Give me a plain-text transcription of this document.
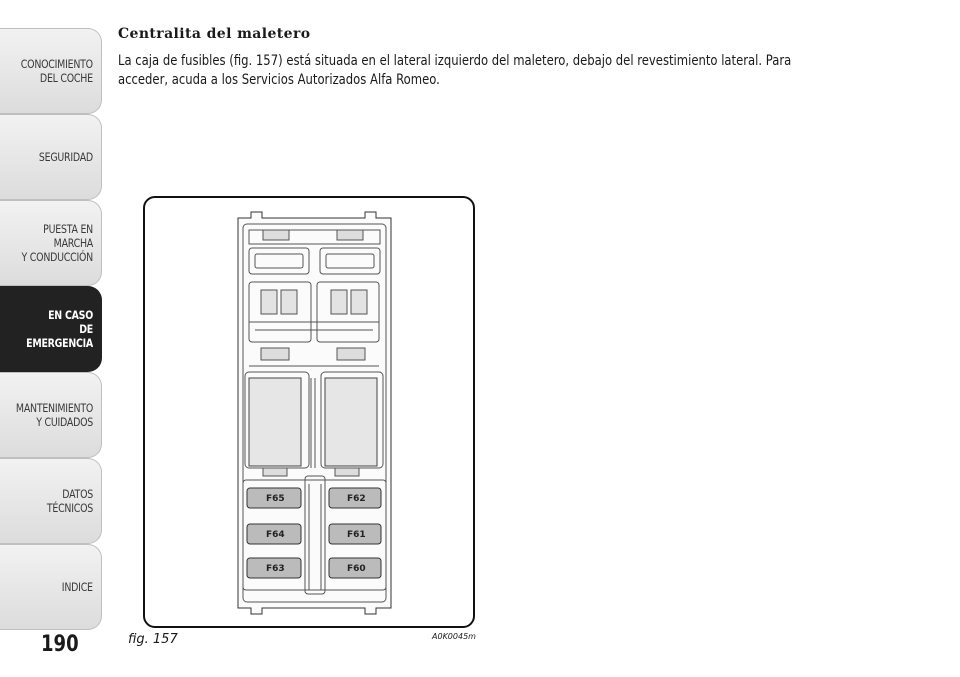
CONOCIMIENTO
DEL COCHE
SEGURIDAD
PUESTA EN MARCHA
Y CONDUCCIÓN
EN CASO
DE EMERGENCIA
MANTENIMIENTO
Y CUIDADOS
DATOS TÉCNICOS
INDICE
190
Centralita del maletero
La caja de fusibles (fig. 157) está situada en el lateral izquierdo del maletero, debajo del revestimiento lateral. Para acceder, acuda a los Servicios Autorizados Alfa Romeo.
F65
F64
F63
F62
F61
F60
fig. 157	A0K0045m
